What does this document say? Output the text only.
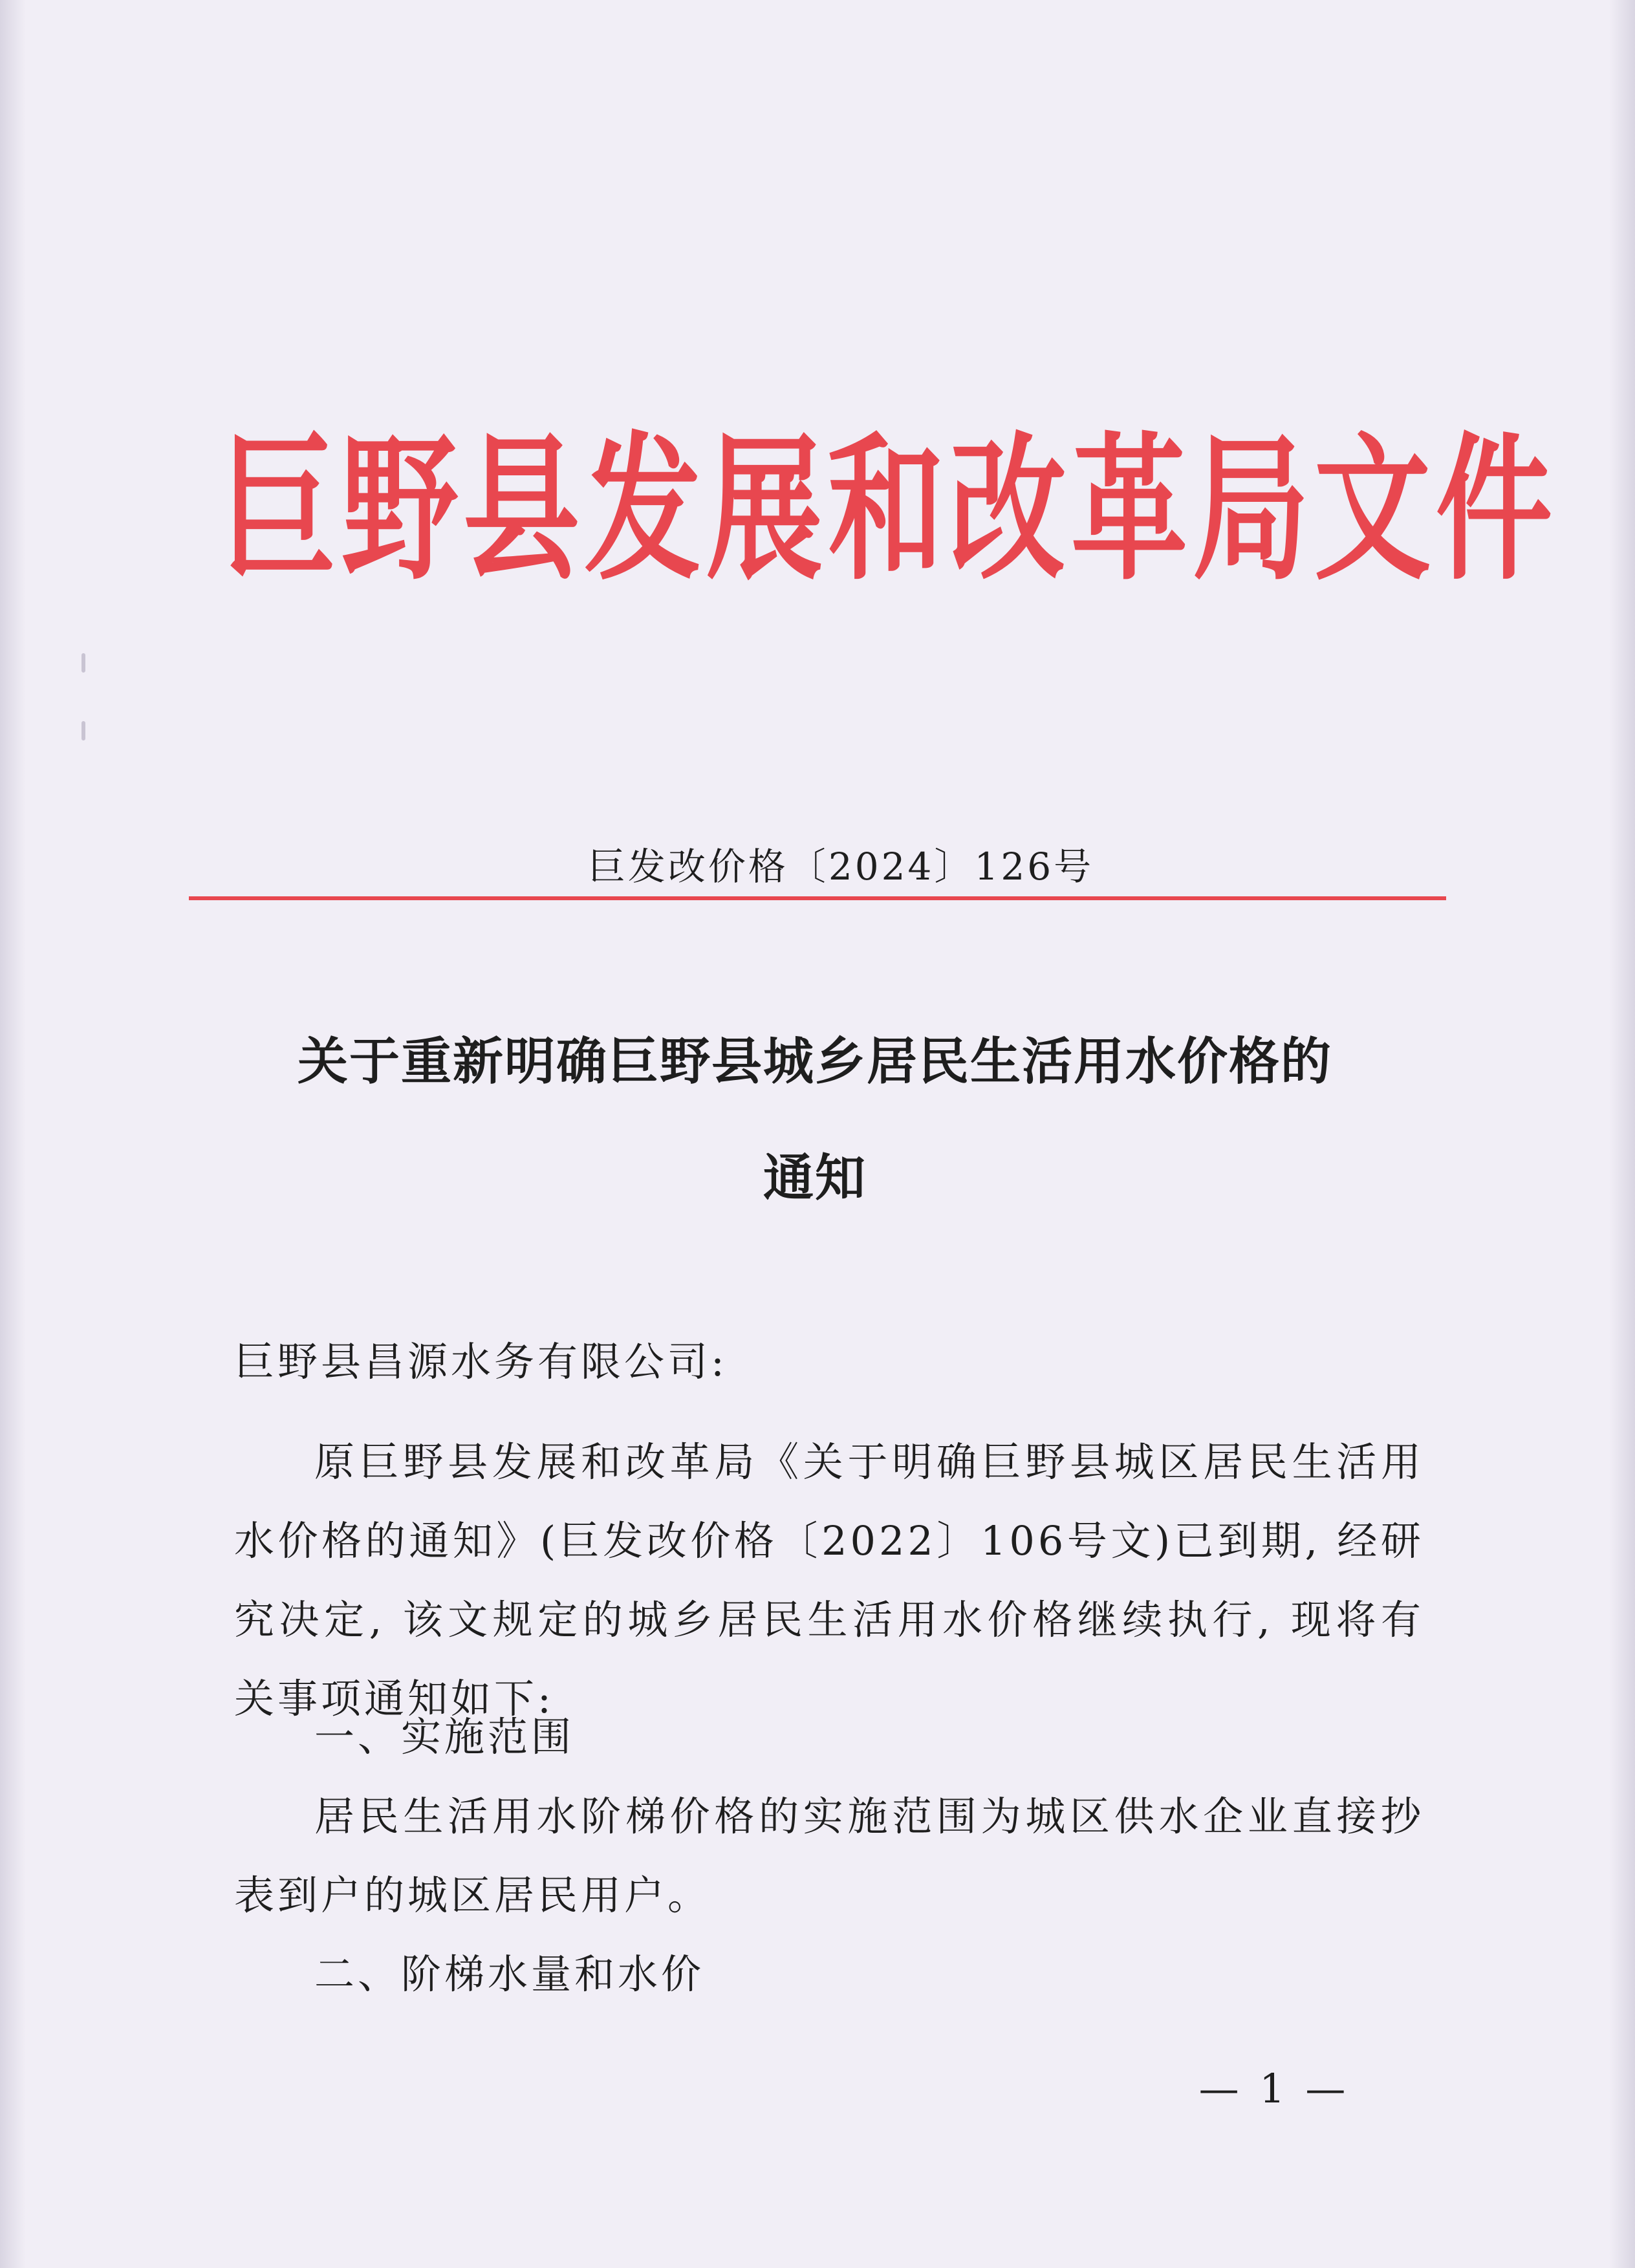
巨野县发展和改革局文件
巨发改价格〔2024〕126号
关于重新明确巨野县城乡居民生活用水价格的
通知

巨野县昌源水务有限公司:

原巨野县发展和改革局《关于明确巨野县城区居民生活用水价格的通知》(巨发改价格〔2022〕106号文)已到期, 经研究决定, 该文规定的城乡居民生活用水价格继续执行, 现将有关事项通知如下:

一、实施范围

居民生活用水阶梯价格的实施范围为城区供水企业直接抄表到户的城区居民用户。

二、阶梯水量和水价

— 1 —
